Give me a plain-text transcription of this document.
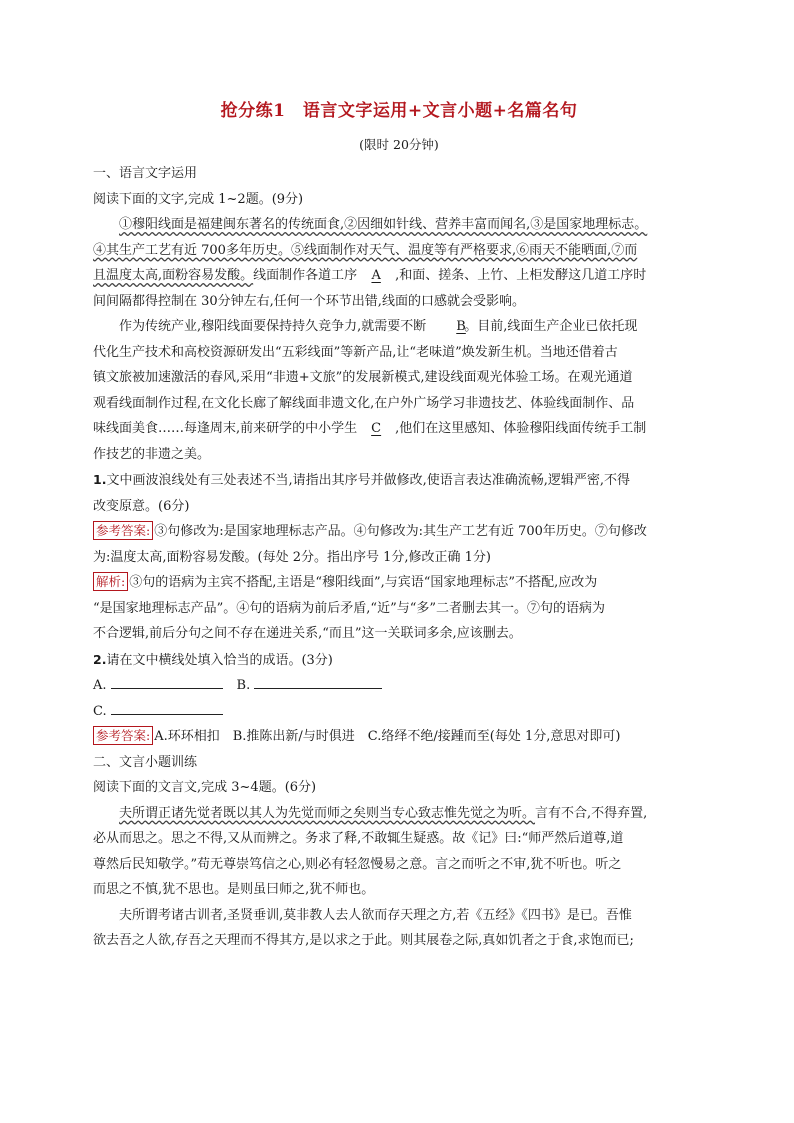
抢分练1　语言文字运用+文言小题+名篇名句

(限时 20分钟)

一、语言文字运用

阅读下面的文字,完成 1~2题。(9分)

①穆阳线面是福建闽东著名的传统面食,②因细如针线、营养丰富而闻名,③是国家地理标志。

④其生产工艺有近 700多年历史。⑤线面制作对天气、温度等有严格要求,⑥雨天不能晒面,⑦而

且温度太高,面粉容易发酸。线面制作各道工序 A ,和面、搓条、上竹、上柜发酵这几道工序时

间间隔都得控制在 30分钟左右,任何一个环节出错,线面的口感就会受影响。

作为传统产业,穆阳线面要保持持久竞争力,就需要不断 B。目前,线面生产企业已依托现

代化生产技术和高校资源研发出“五彩线面”等新产品,让“老味道”焕发新生机。当地还借着古

镇文旅被加速激活的春风,采用“非遗+文旅”的发展新模式,建设线面观光体验工场。在观光通道

观看线面制作过程,在文化长廊了解线面非遗文化,在户外广场学习非遗技艺、体验线面制作、品

味线面美食……每逢周末,前来研学的中小学生 C ,他们在这里感知、体验穆阳线面传统手工制

作技艺的非遗之美。

1.文中画波浪线处有三处表述不当,请指出其序号并做修改,使语言表达准确流畅,逻辑严密,不得

改变原意。(6分)

参考答案: ③句修改为:是国家地理标志产品。④句修改为:其生产工艺有近 700年历史。⑦句修改

为:温度太高,面粉容易发酸。(每处 2分。指出序号 1分,修改正确 1分)

解析: ③句的语病为主宾不搭配,主语是“穆阳线面”,与宾语“国家地理标志”不搭配,应改为

“是国家地理标志产品”。④句的语病为前后矛盾,“近”与“多”二者删去其一。⑦句的语病为

不合逻辑,前后分句之间不存在递进关系,“而且”这一关联词多余,应该删去。

2.请在文中横线处填入恰当的成语。(3分)

A.	B.
C.

参考答案: A.环环相扣　B.推陈出新/与时俱进　C.络绎不绝/接踵而至(每处 1分,意思对即可)

二、文言小题训练

阅读下面的文言文,完成 3~4题。(6分)

夫所谓正诸先觉者既以其人为先觉而师之矣则当专心致志惟先觉之为听。言有不合,不得弃置,

必从而思之。思之不得,又从而辨之。务求了释,不敢辄生疑惑。故《记》曰:“师严然后道尊,道

尊然后民知敬学。”苟无尊崇笃信之心,则必有轻忽慢易之意。言之而听之不审,犹不听也。听之

而思之不慎,犹不思也。是则虽曰师之,犹不师也。

夫所谓考诸古训者,圣贤垂训,莫非教人去人欲而存天理之方,若《五经》《四书》是已。吾惟

欲去吾之人欲,存吾之天理而不得其方,是以求之于此。则其展卷之际,真如饥者之于食,求饱而已;
